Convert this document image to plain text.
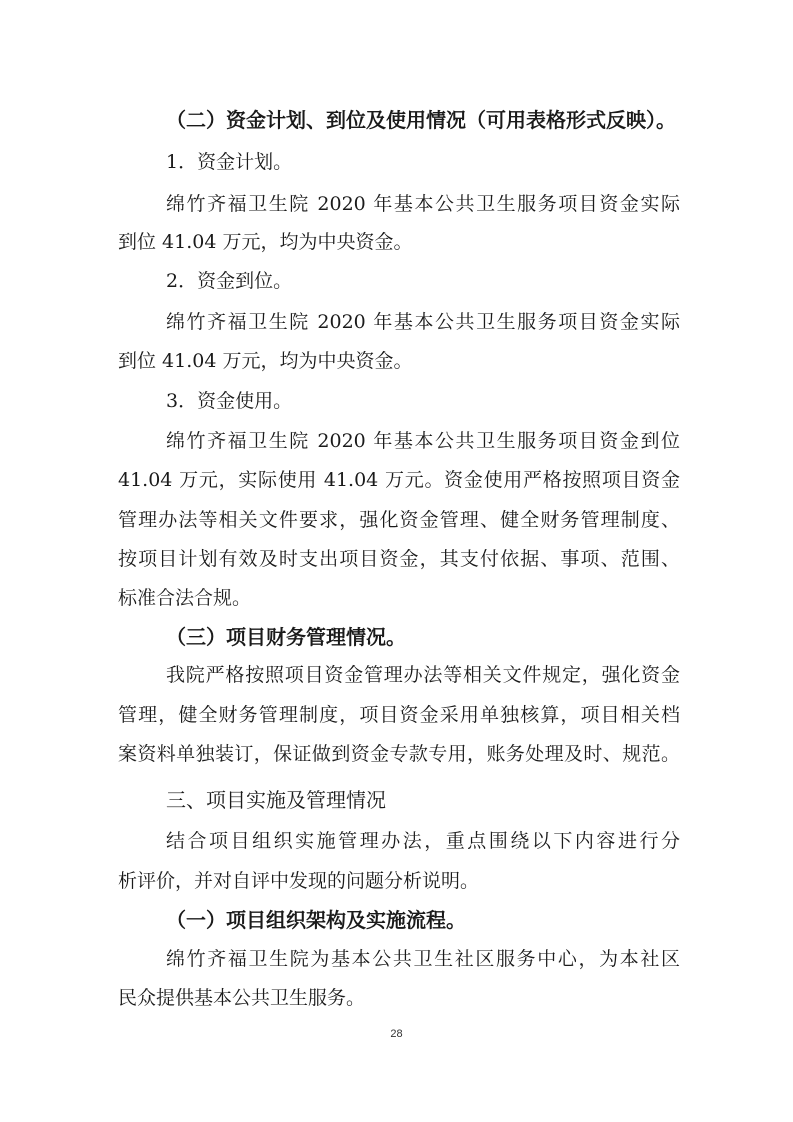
（二）资金计划、到位及使用情况（可用表格形式反映）。
1．资金计划。
绵竹齐福卫生院 2020 年基本公共卫生服务项目资金实际
到位 41.04 万元，均为中央资金。
2．资金到位。
绵竹齐福卫生院 2020 年基本公共卫生服务项目资金实际
到位 41.04 万元，均为中央资金。
3．资金使用。
绵竹齐福卫生院 2020 年基本公共卫生服务项目资金到位
41.04 万元，实际使用 41.04 万元。资金使用严格按照项目资金
管理办法等相关文件要求，强化资金管理、健全财务管理制度、
按项目计划有效及时支出项目资金，其支付依据、事项、范围、
标准合法合规。
（三）项目财务管理情况。
我院严格按照项目资金管理办法等相关文件规定，强化资金
管理，健全财务管理制度，项目资金采用单独核算，项目相关档
案资料单独装订，保证做到资金专款专用，账务处理及时、规范。
三、项目实施及管理情况
结合项目组织实施管理办法，重点围绕以下内容进行分
析评价，并对自评中发现的问题分析说明。
（一）项目组织架构及实施流程。
绵竹齐福卫生院为基本公共卫生社区服务中心，为本社区
民众提供基本公共卫生服务。
28
